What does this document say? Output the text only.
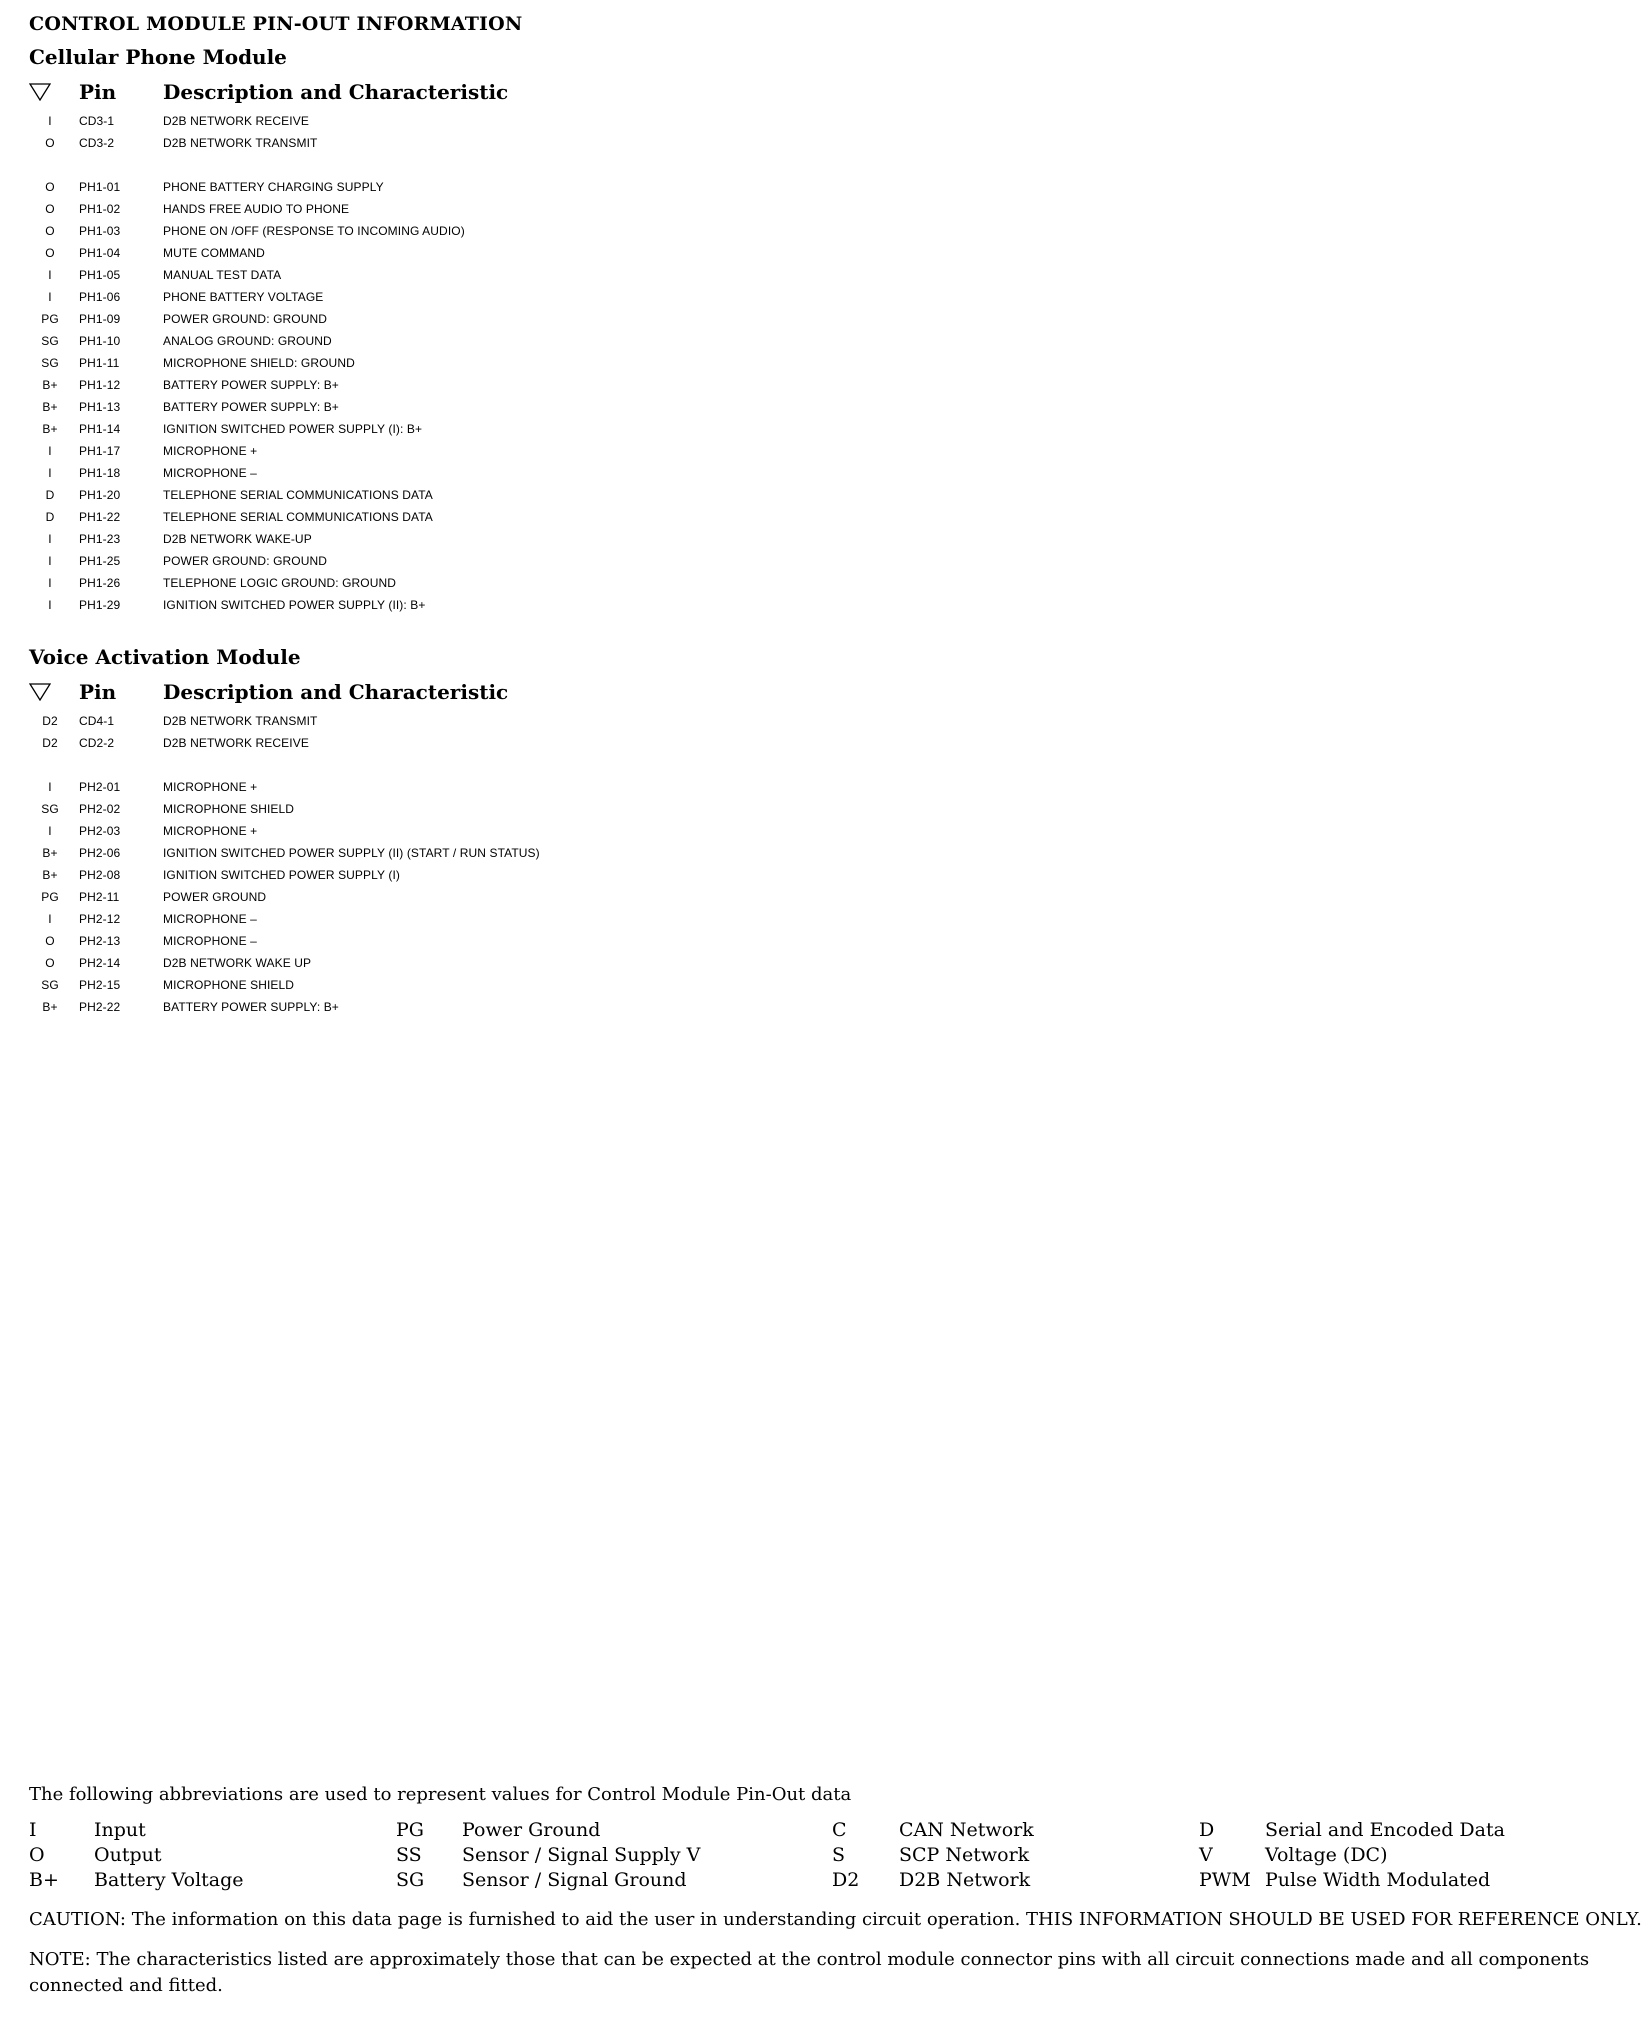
CONTROL MODULE PIN-OUT INFORMATION
Cellular Phone Module
Pin	Description and Characteristic
I	CD3-1	D2B NETWORK RECEIVE
O	CD3-2	D2B NETWORK TRANSMIT
O	PH1-01	PHONE BATTERY CHARGING SUPPLY
O	PH1-02	HANDS FREE AUDIO TO PHONE
O	PH1-03	PHONE ON /OFF (RESPONSE TO INCOMING AUDIO)
O	PH1-04	MUTE COMMAND
I	PH1-05	MANUAL TEST DATA
I	PH1-06	PHONE BATTERY VOLTAGE
PG	PH1-09	POWER GROUND: GROUND
SG	PH1-10	ANALOG GROUND: GROUND
SG	PH1-11	MICROPHONE SHIELD: GROUND
B+	PH1-12	BATTERY POWER SUPPLY: B+
B+	PH1-13	BATTERY POWER SUPPLY: B+
B+	PH1-14	IGNITION SWITCHED POWER SUPPLY (I): B+
I	PH1-17	MICROPHONE +
I	PH1-18	MICROPHONE –
D	PH1-20	TELEPHONE SERIAL COMMUNICATIONS DATA
D	PH1-22	TELEPHONE SERIAL COMMUNICATIONS DATA
I	PH1-23	D2B NETWORK WAKE-UP
I	PH1-25	POWER GROUND: GROUND
I	PH1-26	TELEPHONE LOGIC GROUND: GROUND
I	PH1-29	IGNITION SWITCHED POWER SUPPLY (II): B+
Voice Activation Module
Pin	Description and Characteristic
D2	CD4-1	D2B NETWORK TRANSMIT
D2	CD2-2	D2B NETWORK RECEIVE
I	PH2-01	MICROPHONE +
SG	PH2-02	MICROPHONE SHIELD
I	PH2-03	MICROPHONE +
B+	PH2-06	IGNITION SWITCHED POWER SUPPLY (II) (START / RUN STATUS)
B+	PH2-08	IGNITION SWITCHED POWER SUPPLY (I)
PG	PH2-11	POWER GROUND
I	PH2-12	MICROPHONE –
O	PH2-13	MICROPHONE –
O	PH2-14	D2B NETWORK WAKE UP
SG	PH2-15	MICROPHONE SHIELD
B+	PH2-22	BATTERY POWER SUPPLY: B+

The following abbreviations are used to represent values for Control Module Pin-Out data

I	Input	PG	Power Ground	C	CAN Network	D	Serial and Encoded Data
O	Output	SS	Sensor / Signal Supply V	S	SCP Network	V	Voltage (DC)
B+	Battery Voltage	SG	Sensor / Signal Ground	D2	D2B Network	PWM Pulse Width Modulated

CAUTION: The information on this data page is furnished to aid the user in understanding circuit operation. THIS INFORMATION SHOULD BE USED FOR REFERENCE ONLY.

NOTE: The characteristics listed are approximately those that can be expected at the control module connector pins with all circuit connections made and all components connected and fitted.
